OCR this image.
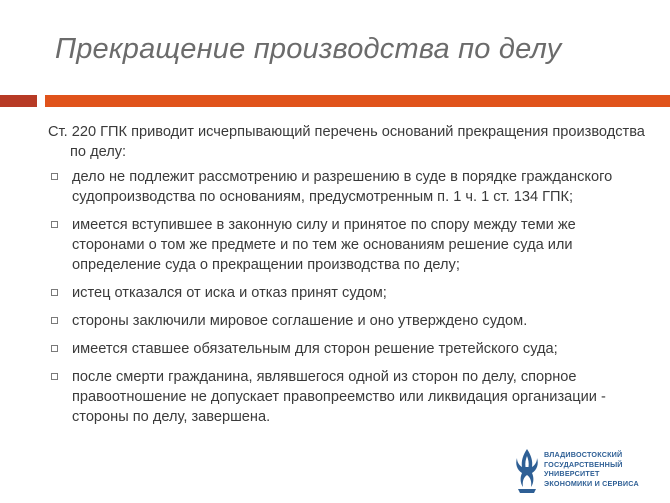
Прекращение производства по делу

Ст. 220 ГПК приводит исчерпывающий перечень оснований прекращения производства по делу:

дело не подлежит рассмотрению и разрешению в суде в порядке гражданского судопроизводства по основаниям, предусмотренным п. 1 ч. 1 ст. 134 ГПК;
имеется вступившее в законную силу и принятое по спору между теми же сторонами о том же предмете и по тем же основаниям решение суда или определение суда о прекращении производства по делу;
истец отказался от иска и отказ принят судом;
стороны заключили мировое соглашение и оно утверждено судом.
имеется ставшее обязательным для сторон решение третейского суда;
после смерти гражданина, являвшегося одной из сторон по делу, спорное правоотношение не допускает правопреемство или ликвидация организации - стороны по делу, завершена.
ВЛАДИВОСТОКСКИЙ
ГОСУДАРСТВЕННЫЙ
УНИВЕРСИТЕТ
ЭКОНОМИКИ И СЕРВИСА
